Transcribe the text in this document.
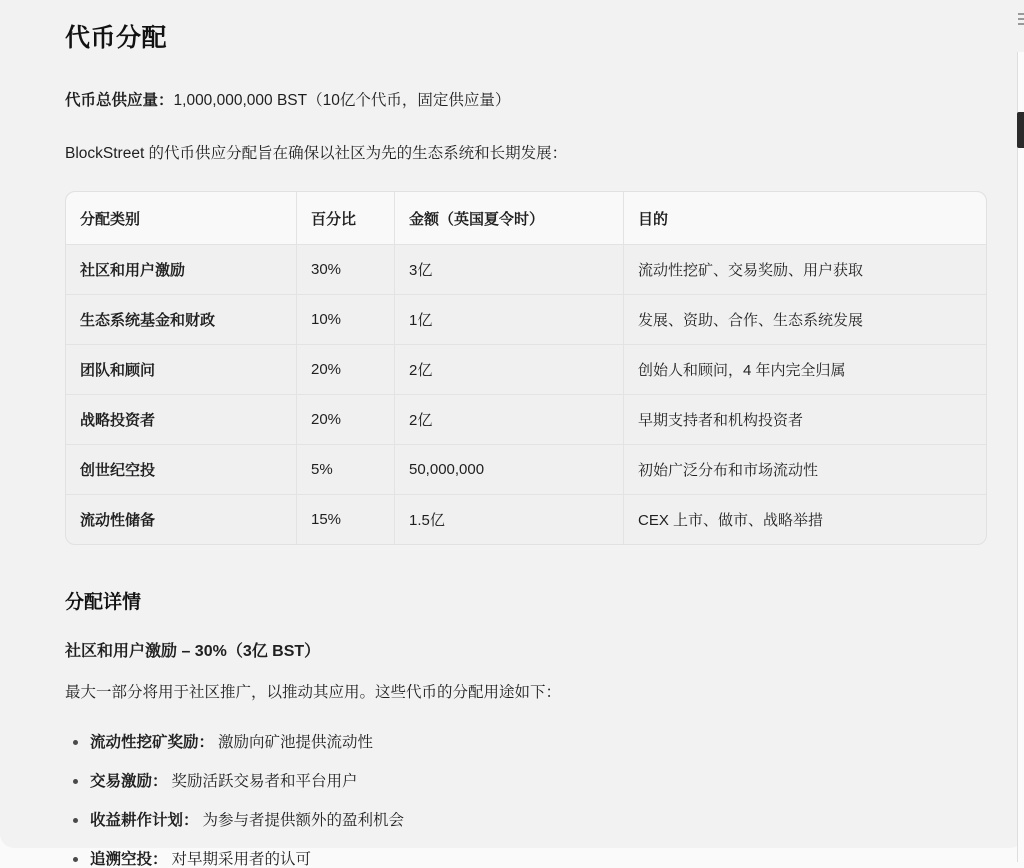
代币分配

代币总供应量：1,000,000,000 BST（10亿个代币，固定供应量）

BlockStreet 的代币供应分配旨在确保以社区为先的生态系统和长期发展：

分配类别	百分比	金额（英国夏令时）	目的
社区和用户激励	30%	3亿	流动性挖矿、交易奖励、用户获取
生态系统基金和财政	10%	1亿	发展、资助、合作、生态系统发展
团队和顾问	20%	2亿	创始人和顾问，4 年内完全归属
战略投资者	20%	2亿	早期支持者和机构投资者
创世纪空投	5%	50,000,000	初始广泛分布和市场流动性
流动性储备	15%	1.5亿	CEX 上市、做市、战略举措
分配详情
社区和用户激励 – 30%（3亿 BST）

最大一部分将用于社区推广，以推动其应用。这些代币的分配用途如下：

流动性挖矿奖励： 激励向矿池提供流动性
交易激励： 奖励活跃交易者和平台用户
收益耕作计划： 为参与者提供额外的盈利机会
追溯空投： 对早期采用者的认可
